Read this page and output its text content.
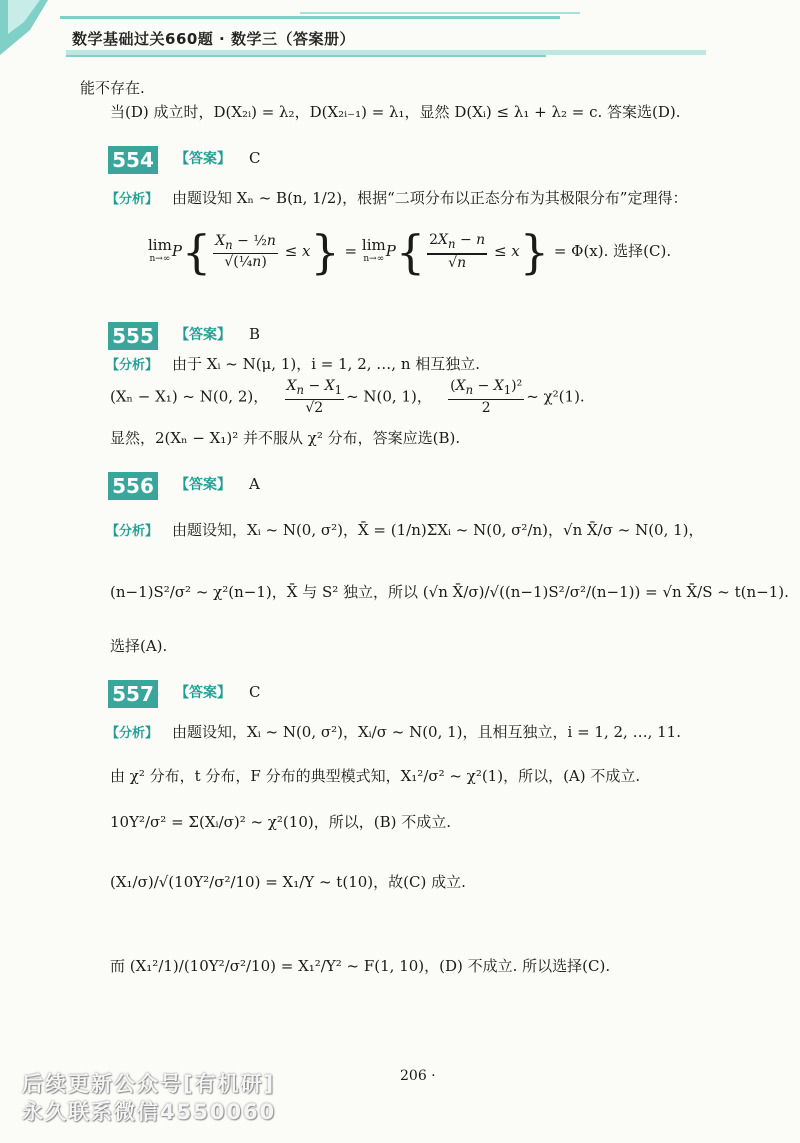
数学基础过关660题 · 数学三（答案册）
能不存在.
当(D) 成立时，D(X₂ᵢ) = λ₂，D(X₂ᵢ₋₁) = λ₁，显然 D(Xᵢ) ≤ λ₁ + λ₂ = c. 答案选(D).
554 【答案】 C
【分析】 由题设知 Xₙ ~ B(n, 1/2)，根据“二项分布以正态分布为其极限分布”定理得：
lim
n→∞ $P\{ \frac{X_n - \frac{1}{2}n}{\text{√(¼n)}} \le x\} = \lim$
n→∞ $P\{ \frac{2X_n - n}{√n} \le x\} = \Phi(x)$. 选择(C).
555 【答案】 B
【分析】 由于 Xᵢ ~ N(μ, 1)，i = 1, 2, …, n 相互独立.
(Xₙ − X₁) ~ N(0, 2)， $\frac{X_n - X_1}{√2}$ ~ N(0, 1)， $\frac{(X_n - X_1)^2}{2}$ ~ χ²(1).
显然，2(Xₙ − X₁)² 并不服从 χ² 分布，答案应选(B).
556 【答案】 A
【分析】 由题设知，Xᵢ ~ N(0, σ²)，X̄ = (1/n)ΣXᵢ ~ N(0, σ²/n)，√n X̄/σ ~ N(0, 1)，
(n−1)S²/σ² ~ χ²(n−1)，X̄ 与 S² 独立，所以 (√n X̄/σ)/√((n−1)S²/σ²/(n−1)) = √n X̄/S ~ t(n−1).
选择(A).
557 【答案】 C
【分析】 由题设知，Xᵢ ~ N(0, σ²)，Xᵢ/σ ~ N(0, 1)，且相互独立，i = 1, 2, …, 11.
由 χ² 分布，t 分布，F 分布的典型模式知，X₁²/σ² ~ χ²(1)，所以，(A) 不成立.
10Y²/σ² = Σ(Xᵢ/σ)² ~ χ²(10)，所以，(B) 不成立.
(X₁/σ)/√(10Y²/σ²/10) = X₁/Y ~ t(10)，故(C) 成立.
而 (X₁²/1)/(10Y²/σ²/10) = X₁²/Y² ~ F(1, 10)，(D) 不成立. 所以选择(C).
206 ·
后续更新公众号[有机研]
永久联系微信4550060
